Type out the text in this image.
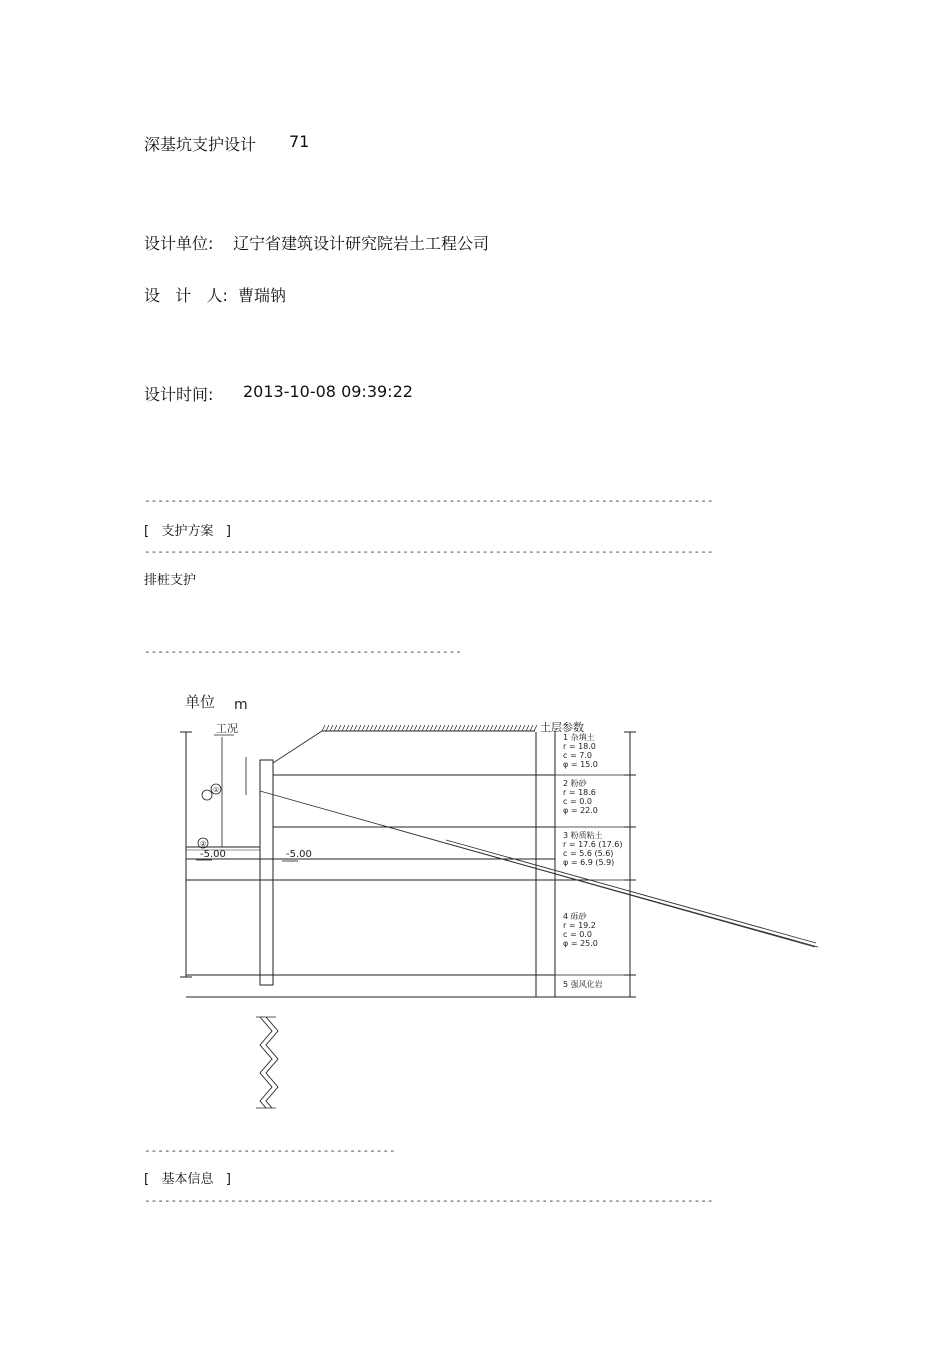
深基坑支护设计 71
设计单位: 辽宁省建筑设计研究院岩土工程公司
设   计   人: 曹瑞钠
设计时间: 2013-10-08 09:39:22
--------------------------------------------------------------------------------------
[   支护方案   ]
--------------------------------------------------------------------------------------
排桩支护
------------------------------------------------
单位 m
工况	土层参数
①
②
-5.00	-5.00
1 杂填土
r = 18.0
c = 7.0
φ = 15.0
2 粉砂
r = 18.6
c = 0.0
φ = 22.0
3 粉质粘土
r = 17.6 (17.6)
c = 5.6 (5.6)
φ = 6.9 (5.9)
4 砾砂
r = 19.2
c = 0.0
φ = 25.0
5 强风化岩
--------------------------------------
[   基本信息   ]
--------------------------------------------------------------------------------------
